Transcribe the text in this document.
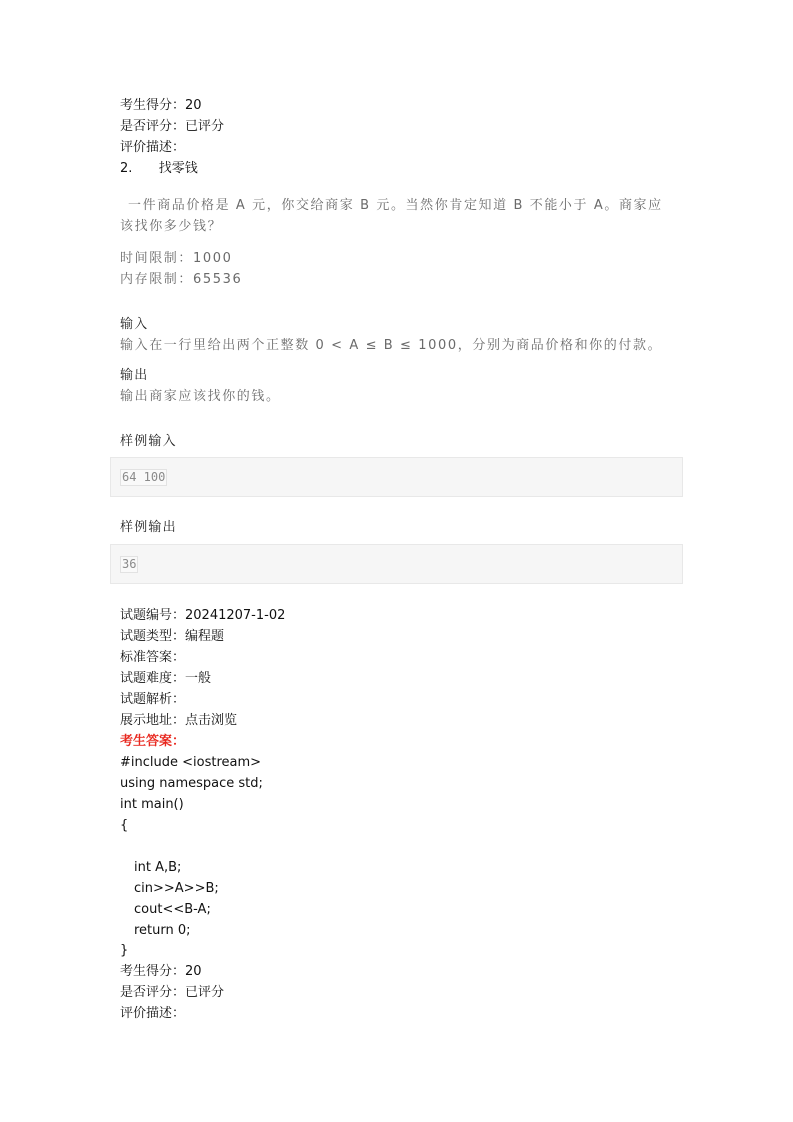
考生得分：20
是否评分：已评分
评价描述：
2. 找零钱
一件商品价格是 A 元，你交给商家 B 元。当然你肯定知道 B 不能小于 A。商家应
该找你多少钱？
时间限制：1000
内存限制：65536
输入
输入在一行里给出两个正整数 0 < A ≤ B ≤ 1000，分别为商品价格和你的付款。
输出
输出商家应该找你的钱。
样例输入
64 100
样例输出
36
试题编号：20241207-1-02
试题类型：编程题
标准答案：
试题难度：一般
试题解析：
展示地址：点击浏览
考生答案：
#include <iostream>
using namespace std;
int main()
{
int A,B;
cin>>A>>B;
cout<<B-A;
return 0;
}
考生得分：20
是否评分：已评分
评价描述：
